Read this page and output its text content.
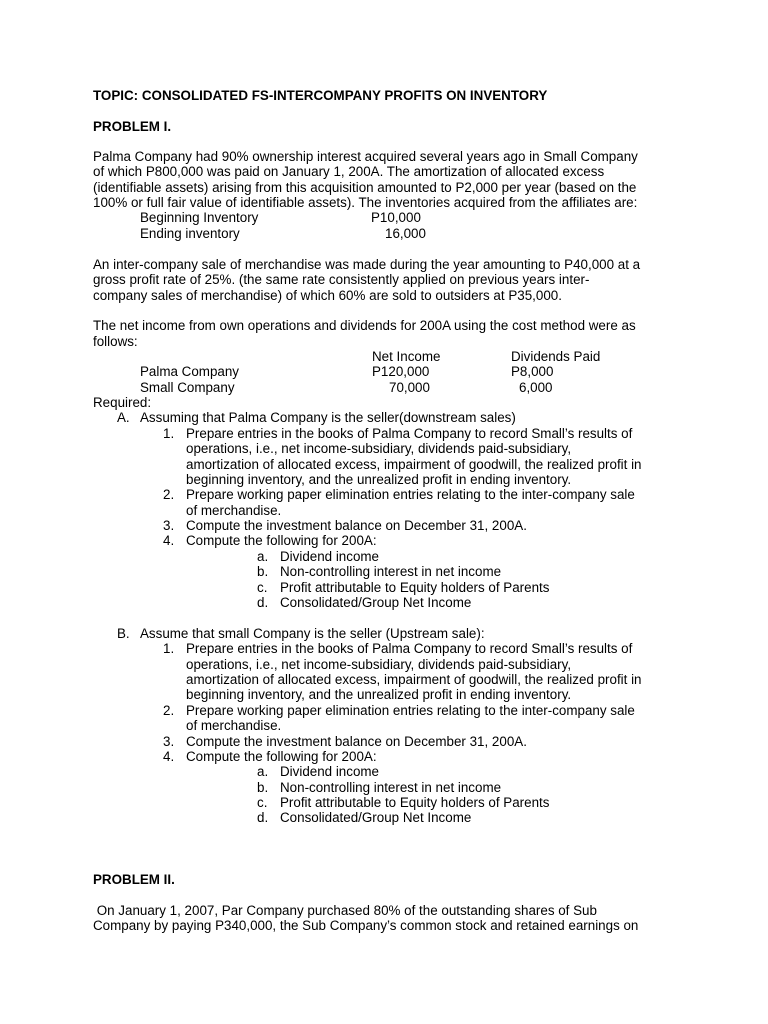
TOPIC: CONSOLIDATED FS-INTERCOMPANY PROFITS ON INVENTORY
PROBLEM I.
Palma Company had 90% ownership interest acquired several years ago in Small Company
of which P800,000 was paid on January 1, 200A. The amortization of allocated excess
(identifiable assets) arising from this acquisition amounted to P2,000 per year (based on the
100% or full fair value of identifiable assets). The inventories acquired from the affiliates are:
Beginning Inventory	P10,000
Ending inventory	16,000
An inter-company sale of merchandise was made during the year amounting to P40,000 at a
gross profit rate of 25%. (the same rate consistently applied on previous years inter-
company sales of merchandise) of which 60% are sold to outsiders at P35,000.
The net income from own operations and dividends for 200A using the cost method were as
follows:
Net Income	Dividends Paid
Palma Company	P120,000	P8,000
Small Company	70,000	6,000
Required:
A. Assuming that Palma Company is the seller(downstream sales)
1. Prepare entries in the books of Palma Company to record Small’s results of
operations, i.e., net income-subsidiary, dividends paid-subsidiary,
amortization of allocated excess, impairment of goodwill, the realized profit in
beginning inventory, and the unrealized profit in ending inventory.
2. Prepare working paper elimination entries relating to the inter-company sale
of merchandise.
3. Compute the investment balance on December 31, 200A.
4. Compute the following for 200A:
a. Dividend income
b. Non-controlling interest in net income
c. Profit attributable to Equity holders of Parents
d. Consolidated/Group Net Income
B. Assume that small Company is the seller (Upstream sale):
1. Prepare entries in the books of Palma Company to record Small’s results of
operations, i.e., net income-subsidiary, dividends paid-subsidiary,
amortization of allocated excess, impairment of goodwill, the realized profit in
beginning inventory, and the unrealized profit in ending inventory.
2. Prepare working paper elimination entries relating to the inter-company sale
of merchandise.
3. Compute the investment balance on December 31, 200A.
4. Compute the following for 200A:
a. Dividend income
b. Non-controlling interest in net income
c. Profit attributable to Equity holders of Parents
d. Consolidated/Group Net Income
PROBLEM II.
On January 1, 2007, Par Company purchased 80% of the outstanding shares of Sub
Company by paying P340,000, the Sub Company’s common stock and retained earnings on
